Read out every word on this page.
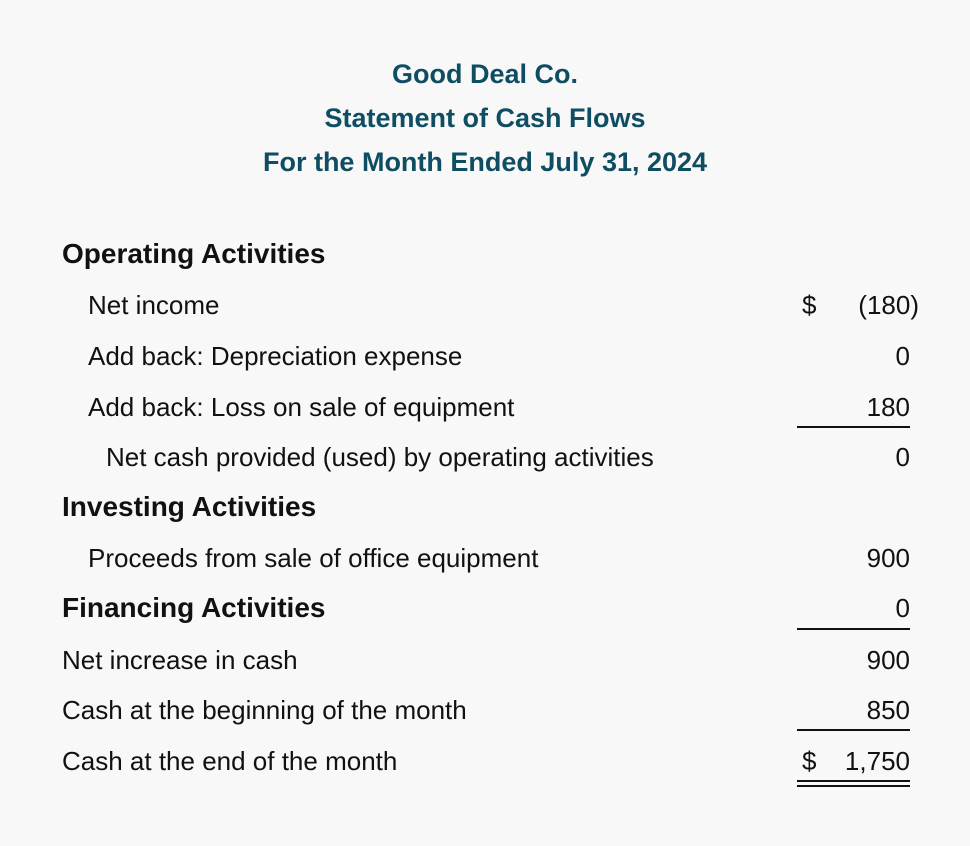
Good Deal Co.
Statement of Cash Flows
For the Month Ended July 31, 2024
Operating Activities
Net income	$ (180)
Add back: Depreciation expense	0
Add back: Loss on sale of equipment	180
Net cash provided (used) by operating activities	0
Investing Activities
Proceeds from sale of office equipment	900
Financing Activities	0
Net increase in cash	900
Cash at the beginning of the month	850
Cash at the end of the month	$ 1,750
